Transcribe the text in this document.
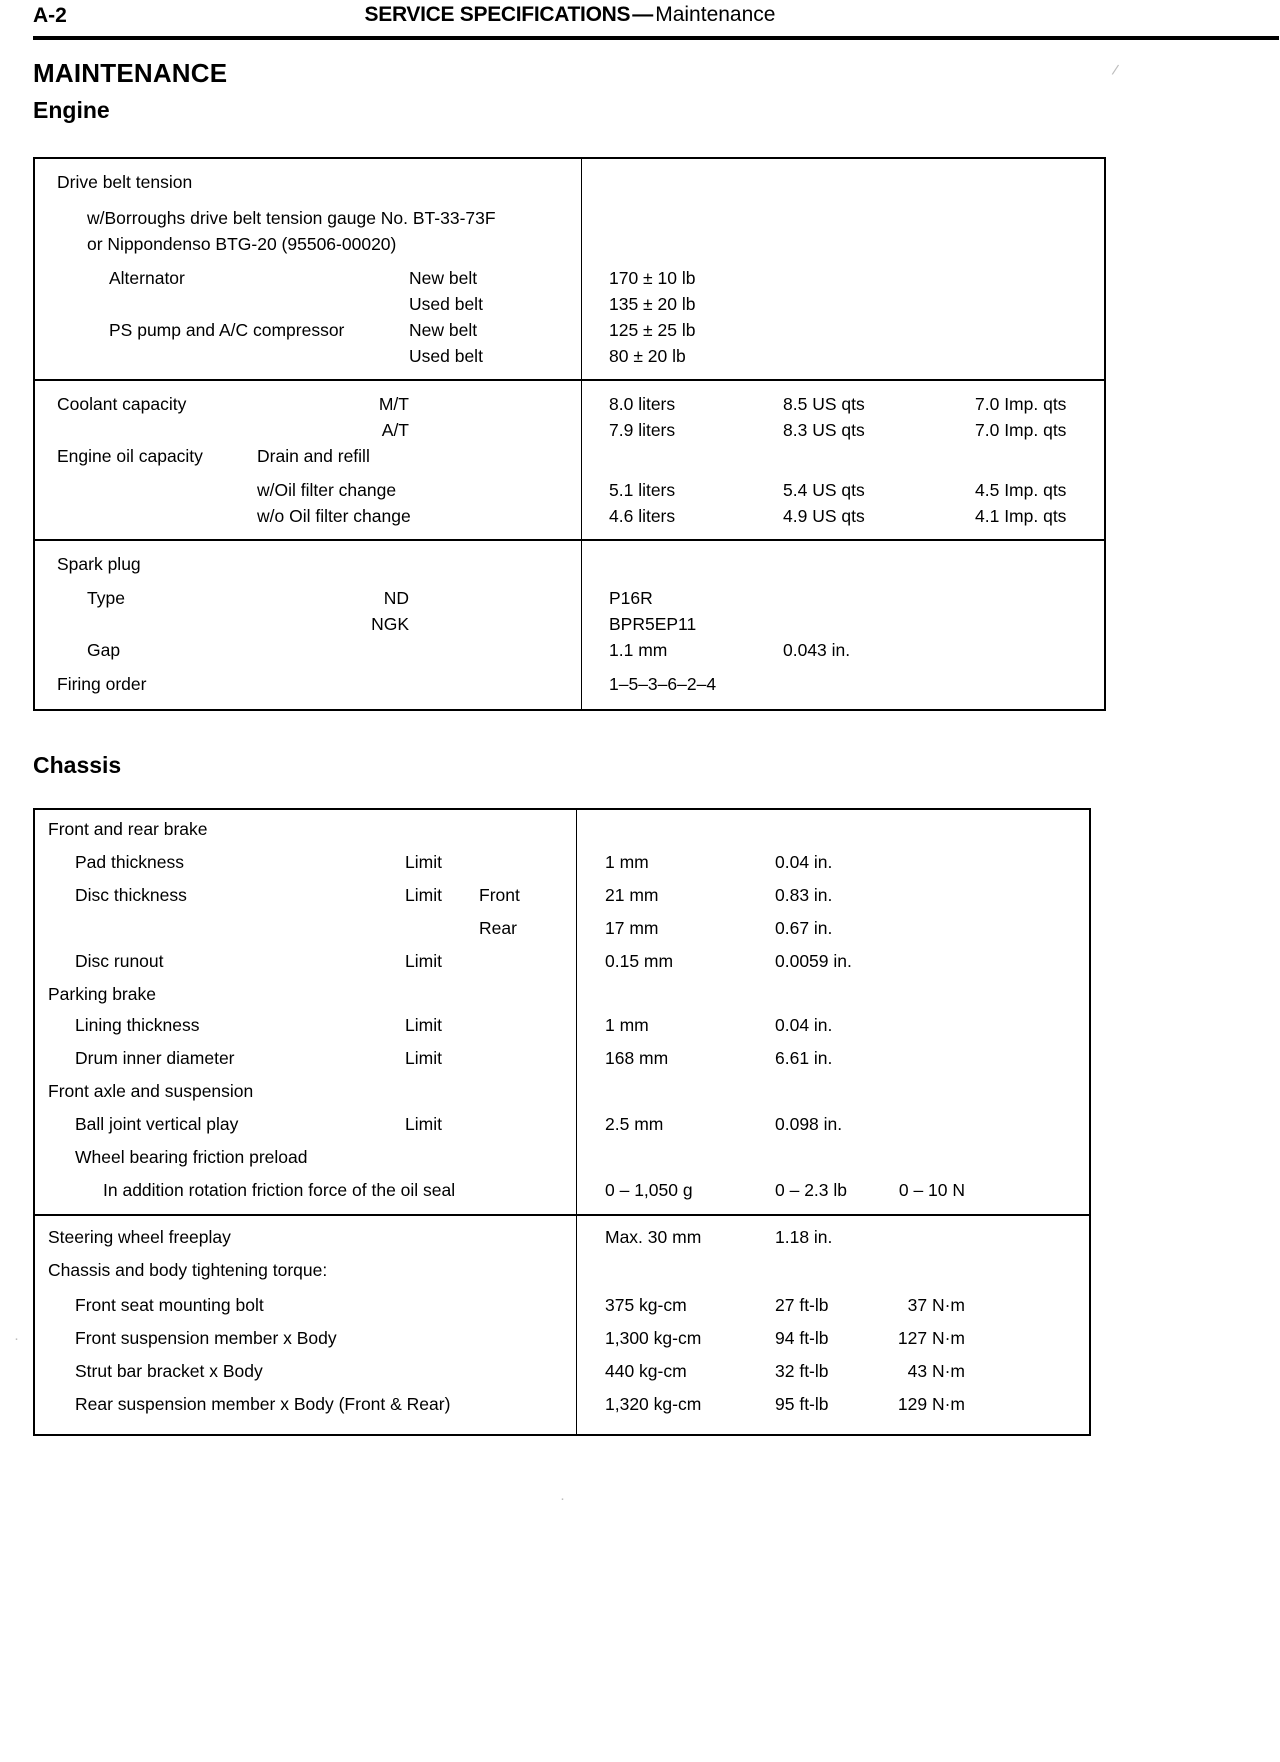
A-2	SERVICE SPECIFICATIONS—Maintenance
MAINTENANCE
Engine
Drive belt tension
w/Borroughs drive belt tension gauge No. BT-33-73F
or Nippondenso BTG-20 (95506-00020)
Alternator	New belt	170 ± 10 lb
Used belt	135 ± 20 lb
PS pump and A/C compressor	New belt	125 ± 25 lb
Used belt	80 ± 20 lb
Coolant capacity	M/T	8.0 liters	8.5 US qts	7.0 Imp. qts
A/T	7.9 liters	8.3 US qts	7.0 Imp. qts
Engine oil capacity	Drain and refill
w/Oil filter change	5.1 liters	5.4 US qts	4.5 Imp. qts
w/o Oil filter change	4.6 liters	4.9 US qts	4.1 Imp. qts
Spark plug
Type	ND	P16R
NGK	BPR5EP11
Gap	1.1 mm	0.043 in.
Firing order	1–5–3–6–2–4
Chassis
Front and rear brake
Pad thickness	Limit	1 mm	0.04 in.
Disc thickness	Limit Front	21 mm	0.83 in.
Rear	17 mm	0.67 in.
Disc runout	Limit	0.15 mm	0.0059 in.
Parking brake
Lining thickness	Limit	1 mm	0.04 in.
Drum inner diameter	Limit	168 mm	6.61 in.
Front axle and suspension
Ball joint vertical play	Limit	2.5 mm	0.098 in.
Wheel bearing friction preload
In addition rotation friction force of the oil seal	0 – 1,050 g	0 – 2.3 lb	0 – 10 N
Steering wheel freeplay	Max. 30 mm	1.18 in.
Chassis and body tightening torque:
Front seat mounting bolt	375 kg-cm	27 ft-lb	37 N·m
Front suspension member x Body	1,300 kg-cm	94 ft-lb	127 N·m
Strut bar bracket x Body	440 kg-cm	32 ft-lb	43 N·m
Rear suspension member x Body (Front & Rear)	1,320 kg-cm	95 ft-lb	129 N·m
/
·
·
